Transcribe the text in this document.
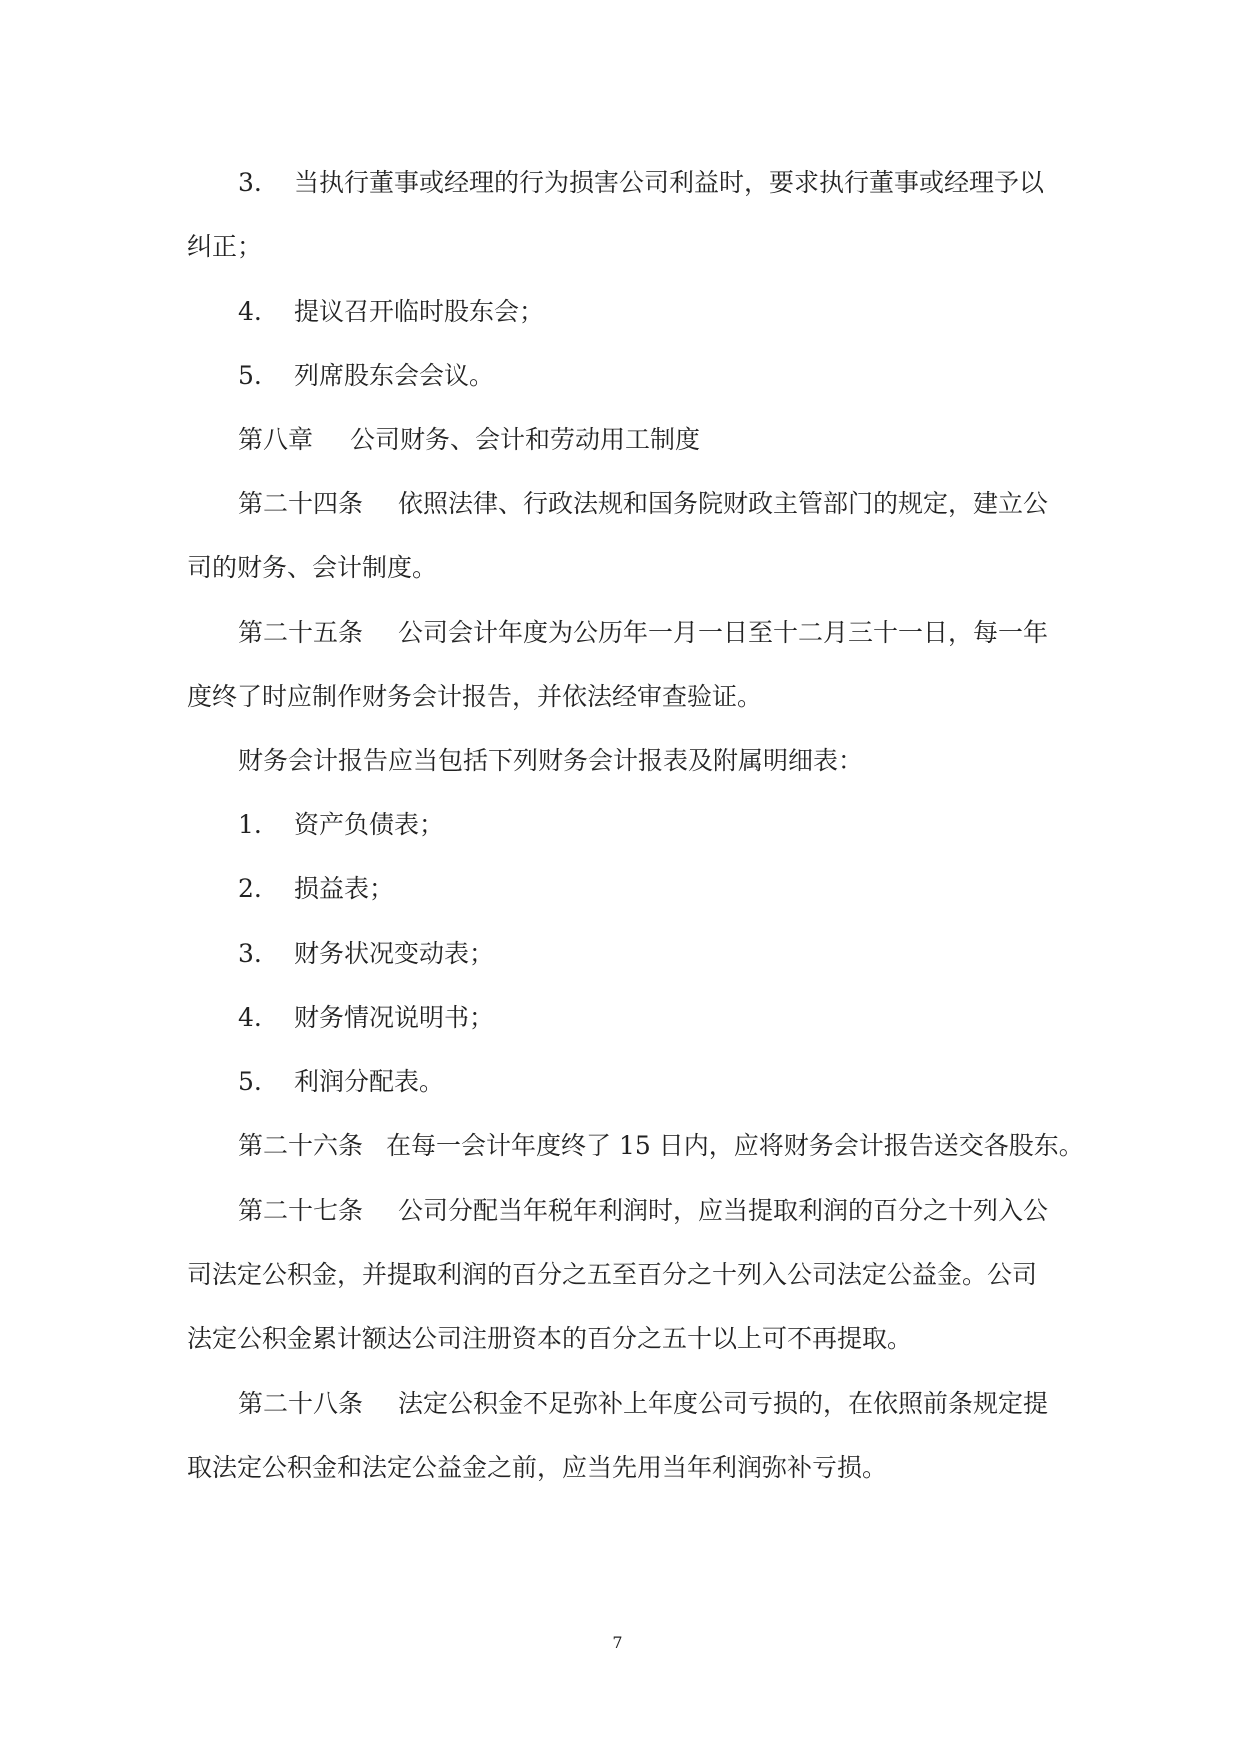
3. 当执行董事或经理的行为损害公司利益时，要求执行董事或经理予以
纠正；
4. 提议召开临时股东会；
5. 列席股东会会议。
第八章 公司财务、会计和劳动用工制度
第二十四条 依照法律、行政法规和国务院财政主管部门的规定，建立公
司的财务、会计制度。
第二十五条 公司会计年度为公历年一月一日至十二月三十一日，每一年
度终了时应制作财务会计报告，并依法经审查验证。
财务会计报告应当包括下列财务会计报表及附属明细表：
1. 资产负债表；
2. 损益表；
3. 财务状况变动表；
4. 财务情况说明书；
5. 利润分配表。
第二十六条 在每一会计年度终了 15 日内，应将财务会计报告送交各股东。
第二十七条 公司分配当年税年利润时，应当提取利润的百分之十列入公
司法定公积金，并提取利润的百分之五至百分之十列入公司法定公益金。公司
法定公积金累计额达公司注册资本的百分之五十以上可不再提取。
第二十八条 法定公积金不足弥补上年度公司亏损的，在依照前条规定提
取法定公积金和法定公益金之前，应当先用当年利润弥补亏损。
7
